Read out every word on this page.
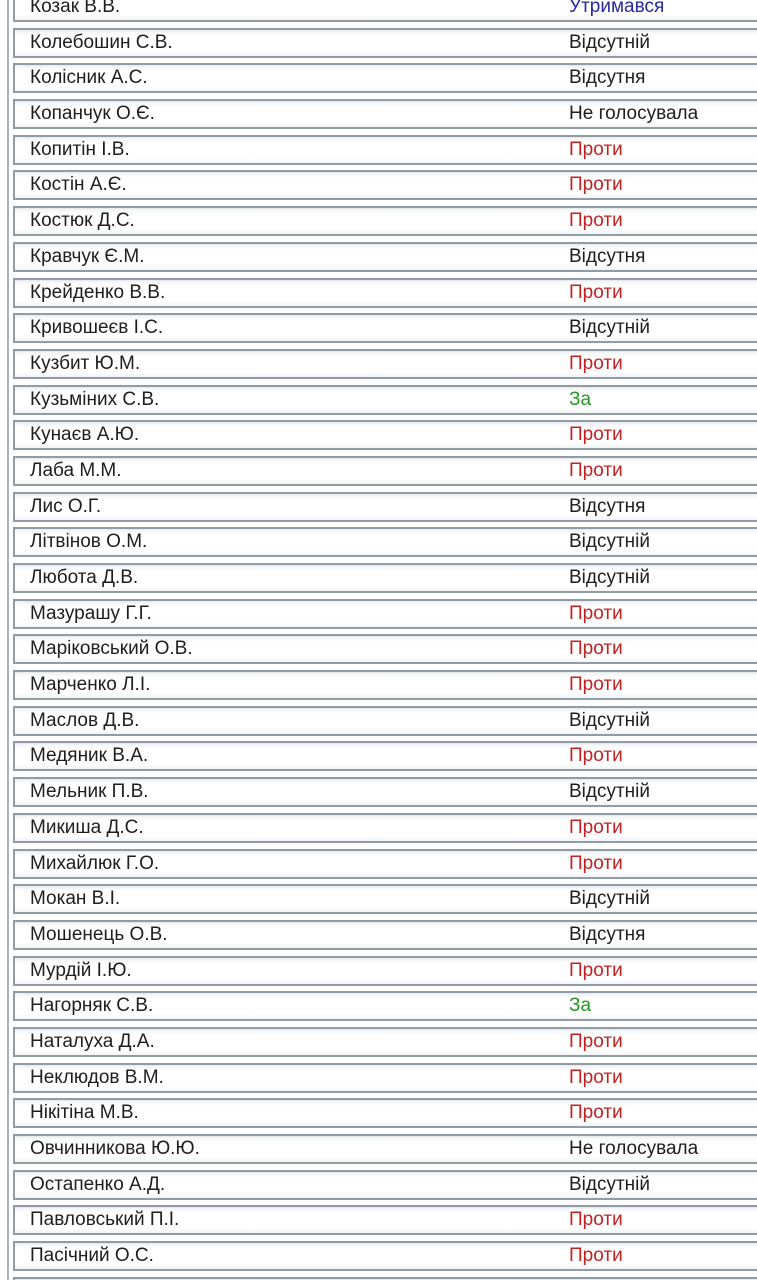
Козак В.В.	Утримався
Колебошин С.В.	Відсутній
Колісник А.С.	Відсутня
Копанчук О.Є.	Не голосувала
Копитін І.В.	Проти
Костін А.Є.	Проти
Костюк Д.С.	Проти
Кравчук Є.М.	Відсутня
Крейденко В.В.	Проти
Кривошеєв І.С.	Відсутній
Кузбит Ю.М.	Проти
Кузьміних С.В.	За
Кунаєв А.Ю.	Проти
Лаба М.М.	Проти
Лис О.Г.	Відсутня
Літвінов О.М.	Відсутній
Любота Д.В.	Відсутній
Мазурашу Г.Г.	Проти
Маріковський О.В.	Проти
Марченко Л.І.	Проти
Маслов Д.В.	Відсутній
Медяник В.А.	Проти
Мельник П.В.	Відсутній
Микиша Д.С.	Проти
Михайлюк Г.О.	Проти
Мокан В.І.	Відсутній
Мошенець О.В.	Відсутня
Мурдій І.Ю.	Проти
Нагорняк С.В.	За
Наталуха Д.А.	Проти
Неклюдов В.М.	Проти
Нікітіна М.В.	Проти
Овчинникова Ю.Ю.	Не голосувала
Остапенко А.Д.	Відсутній
Павловський П.І.	Проти
Пасічний О.С.	Проти
